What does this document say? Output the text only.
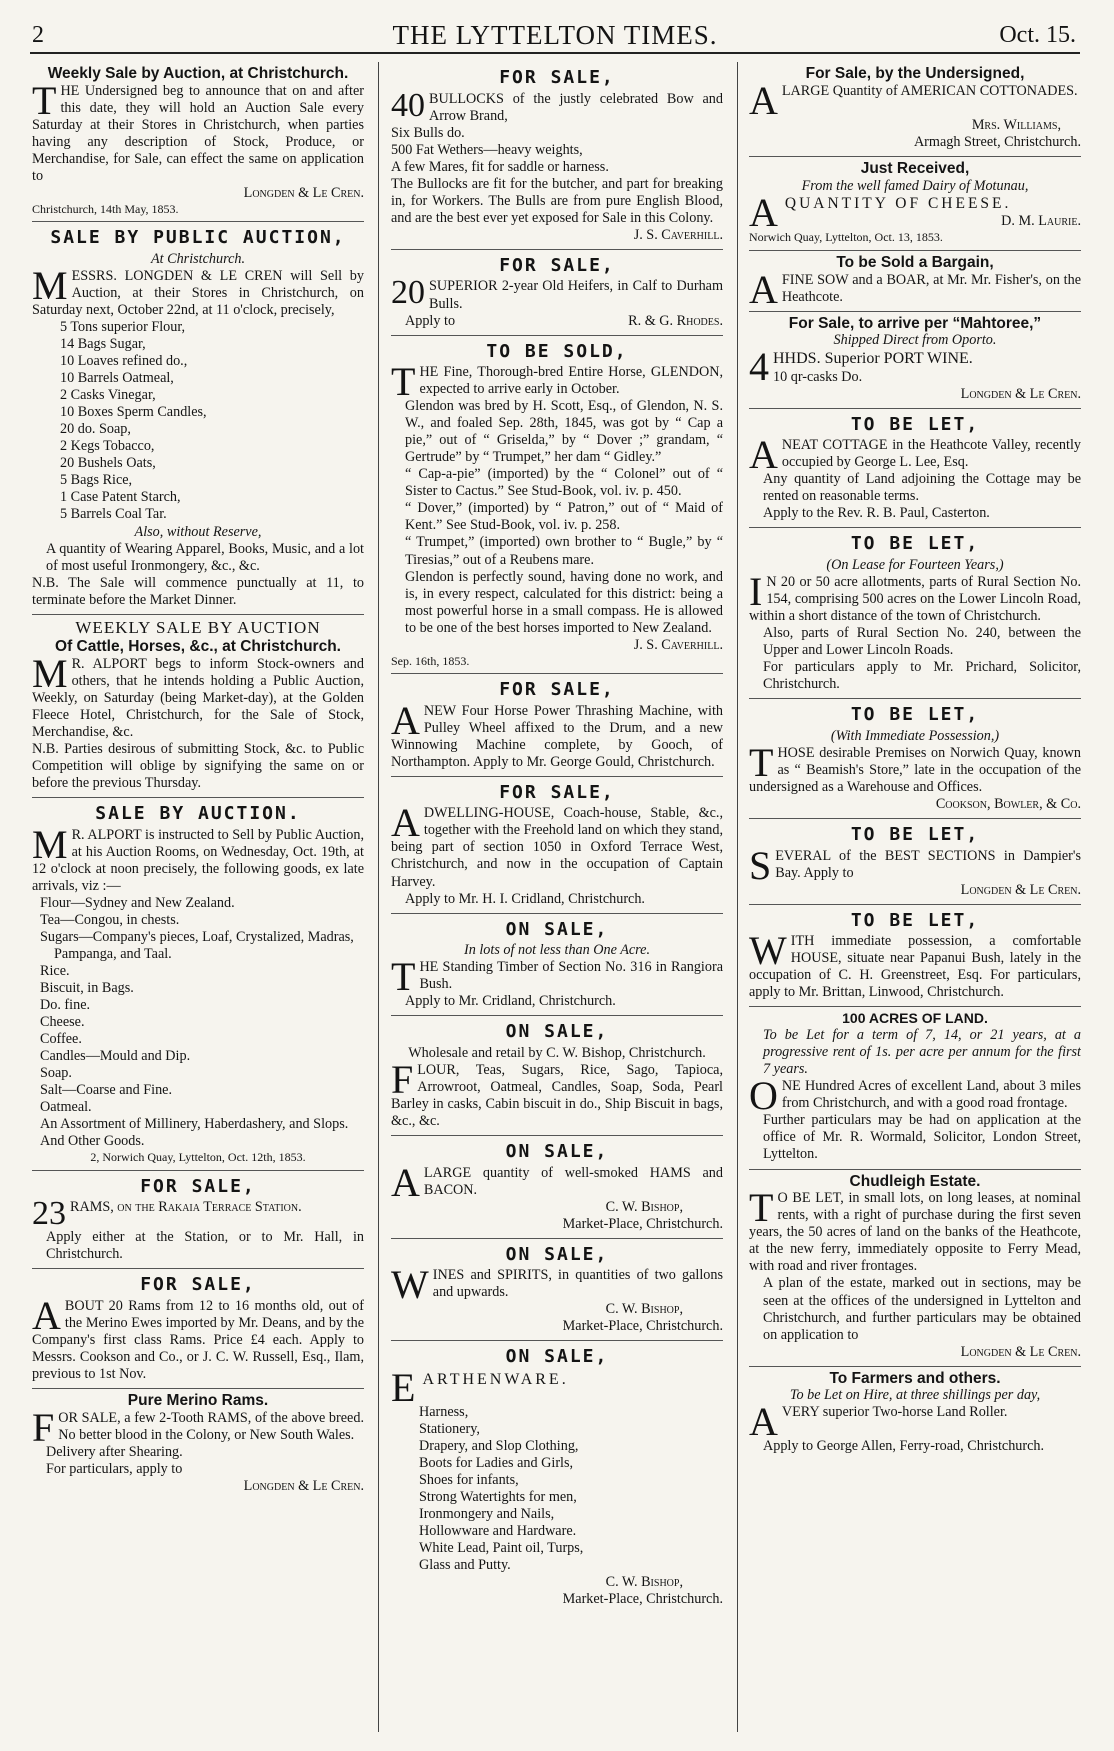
2	THE LYTTELTON TIMES.	Oct. 15.
Weekly Sale by Auction, at Christchurch.

THE Undersigned beg to announce that on and after this date, they will hold an Auction Sale every Saturday at their Stores in Christchurch, when parties having any description of Stock, Produce, or Merchandise, for Sale, can effect the same on application to

Longden & Le Cren.
Christchurch, 14th May, 1853.
SALE BY PUBLIC AUCTION,
At Christchurch.

MESSRS. LONGDEN & LE CREN will Sell by Auction, at their Stores in Christchurch, on Saturday next, October 22nd, at 11 o'clock, precisely,

5 Tons superior Flour,
14 Bags Sugar,
10 Loaves refined do.,
10 Barrels Oatmeal,
2 Casks Vinegar,
10 Boxes Sperm Candles,
20 do. Soap,
2 Kegs Tobacco,
20 Bushels Oats,
5 Bags Rice,
1 Case Patent Starch,
5 Barrels Coal Tar.
Also, without Reserve,

A quantity of Wearing Apparel, Books, Music, and a lot of most useful Ironmongery, &c., &c.

N.B. The Sale will commence punctually at 11, to terminate before the Market Dinner.

WEEKLY SALE BY AUCTION
Of Cattle, Horses, &c., at Christchurch.

M R. ALPORT begs to inform Stock-owners and others, that he intends holding a Public Auction, Weekly, on Saturday (being Market-day), at the Golden Fleece Hotel, Christchurch, for the Sale of Stock, Merchandise, &c.

N.B. Parties desirous of submitting Stock, &c. to Public Competition will oblige by signifying the same on or before the previous Thursday.

SALE BY AUCTION.

M R. ALPORT is instructed to Sell by Public Auction, at his Auction Rooms, on Wednesday, Oct. 19th, at 12 o'clock at noon precisely, the following goods, ex late arrivals, viz :—

Flour—Sydney and New Zealand.
Tea—Congou, in chests.
Sugars—Company's pieces, Loaf, Crystalized, Madras, Pampanga, and Taal.
Rice.
Biscuit, in Bags.
Do. fine.
Cheese.
Coffee.
Candles—Mould and Dip.
Soap.
Salt—Coarse and Fine.
Oatmeal.
An Assortment of Millinery, Haberdashery, and Slops.
And Other Goods.
2, Norwich Quay, Lyttelton, Oct. 12th, 1853.
FOR SALE,

23 RAMS, on the Rakaia Terrace Station.

Apply either at the Station, or to Mr. Hall, in Christchurch.

FOR SALE,

ABOUT 20 Rams from 12 to 16 months old, out of the Merino Ewes imported by Mr. Deans, and by the Company's first class Rams. Price £4 each. Apply to Messrs. Cookson and Co., or J. C. W. Russell, Esq., Ilam, previous to 1st Nov.

Pure Merino Rams.

FOR SALE, a few 2-Tooth RAMS, of the above breed. No better blood in the Colony, or New South Wales.

Delivery after Shearing.
For particulars, apply to
Longden & Le Cren.
FOR SALE,

40 BULLOCKS of the justly celebrated Bow and Arrow Brand,

Six Bulls do.
500 Fat Wethers—heavy weights,
A few Mares, fit for saddle or harness.

The Bullocks are fit for the butcher, and part for breaking in, for Workers. The Bulls are from pure English Blood, and are the best ever yet exposed for Sale in this Colony.

J. S. Caverhill.
FOR SALE,

20 SUPERIOR 2-year Old Heifers, in Calf to Durham Bulls.

Apply to	R. & G. Rhodes.
TO BE SOLD,

THE Fine, Thorough-bred Entire Horse, GLENDON, expected to arrive early in October.

Glendon was bred by H. Scott, Esq., of Glendon, N. S. W., and foaled Sep. 28th, 1845, was got by “ Cap a pie,” out of “ Griselda,” by “ Dover ;” grandam, “ Gertrude” by “ Trumpet,” her dam “ Gidley.”

“ Cap-a-pie” (imported) by the “ Colonel” out of “ Sister to Cactus.” See Stud-Book, vol. iv. p. 450.

“ Dover,” (imported) by “ Patron,” out of “ Maid of Kent.” See Stud-Book, vol. iv. p. 258.

“ Trumpet,” (imported) own brother to “ Bugle,” by “ Tiresias,” out of a Reubens mare.

Glendon is perfectly sound, having done no work, and is, in every respect, calculated for this district: being a most powerful horse in a small compass. He is allowed to be one of the best horses imported to New Zealand.

J. S. Caverhill.
Sep. 16th, 1853.
FOR SALE,

ANEW Four Horse Power Thrashing Machine, with Pulley Wheel affixed to the Drum, and a new Winnowing Machine complete, by Gooch, of Northampton. Apply to Mr. George Gould, Christchurch.

FOR SALE,

ADWELLING-HOUSE, Coach-house, Stable, &c., together with the Freehold land on which they stand, being part of section 1050 in Oxford Terrace West, Christchurch, and now in the occupation of Captain Harvey.

Apply to Mr. H. I. Cridland, Christchurch.
ON SALE,
In lots of not less than One Acre.

THE Standing Timber of Section No. 316 in Rangiora Bush.

Apply to Mr. Cridland, Christchurch.
ON SALE,

Wholesale and retail by C. W. Bishop, Christchurch.

FLOUR, Teas, Sugars, Rice, Sago, Tapioca, Arrowroot, Oatmeal, Candles, Soap, Soda, Pearl Barley in casks, Cabin biscuit in do., Ship Biscuit in bags, &c., &c.

ON SALE,

ALARGE quantity of well-smoked HAMS and BACON.

C. W. Bishop,
Market-Place, Christchurch.
ON SALE,

WINES and SPIRITS, in quantities of two gallons and upwards.

C. W. Bishop,
Market-Place, Christchurch.
ON SALE,

EARTHENWARE.

Harness,
Stationery,
Drapery, and Slop Clothing,
Boots for Ladies and Girls,
Shoes for infants,
Strong Watertights for men,
Ironmongery and Nails,
Hollowware and Hardware.
White Lead, Paint oil, Turps,
Glass and Putty.
C. W. Bishop,
Market-Place, Christchurch.
For Sale, by the Undersigned,

ALARGE Quantity of AMERICAN COTTONADES.

Mrs. Williams,
Armagh Street, Christchurch.
Just Received,
From the well famed Dairy of Motunau,

AQUANTITY OF CHEESE.

D. M. Laurie.
Norwich Quay, Lyttelton, Oct. 13, 1853.
To be Sold a Bargain,

AFINE SOW and a BOAR, at Mr. Mr. Fisher's, on the Heathcote.

For Sale, to arrive per “Mahtoree,”
Shipped Direct from Oporto.

4 HHDS. Superior PORT WINE.

10 qr-casks Do.
Longden & Le Cren.
TO BE LET,

ANEAT COTTAGE in the Heathcote Valley, recently occupied by George L. Lee, Esq.

Any quantity of Land adjoining the Cottage may be rented on reasonable terms.

Apply to the Rev. R. B. Paul, Casterton.
TO BE LET,
(On Lease for Fourteen Years,)

I N 20 or 50 acre allotments, parts of Rural Section No. 154, comprising 500 acres on the Lower Lincoln Road, within a short distance of the town of Christchurch.

Also, parts of Rural Section No. 240, between the Upper and Lower Lincoln Roads.

For particulars apply to Mr. Prichard, Solicitor, Christchurch.

TO BE LET,
(With Immediate Possession,)

THOSE desirable Premises on Norwich Quay, known as “ Beamish's Store,” late in the occupation of the undersigned as a Warehouse and Offices.

Cookson, Bowler, & Co.
TO BE LET,

SEVERAL of the BEST SECTIONS in Dampier's Bay. Apply to

Longden & Le Cren.
TO BE LET,

WITH immediate possession, a comfortable HOUSE, situate near Papanui Bush, lately in the occupation of C. H. Greenstreet, Esq. For particulars, apply to Mr. Brittan, Linwood, Christchurch.

100 ACRES OF LAND.

To be Let for a term of 7, 14, or 21 years, at a progressive rent of 1s. per acre per annum for the first 7 years.

ONE Hundred Acres of excellent Land, about 3 miles from Christchurch, and with a good road frontage.

Further particulars may be had on application at the office of Mr. R. Wormald, Solicitor, London Street, Lyttelton.

Chudleigh Estate.

T O BE LET, in small lots, on long leases, at nominal rents, with a right of purchase during the first seven years, the 50 acres of land on the banks of the Heathcote, at the new ferry, immediately opposite to Ferry Mead, with road and river frontages.

A plan of the estate, marked out in sections, may be seen at the offices of the undersigned in Lyttelton and Christchurch, and further particulars may be obtained on application to

Longden & Le Cren.
To Farmers and others.
To be Let on Hire, at three shillings per day,

AVERY superior Two-horse Land Roller.

Apply to George Allen, Ferry-road, Christchurch.
